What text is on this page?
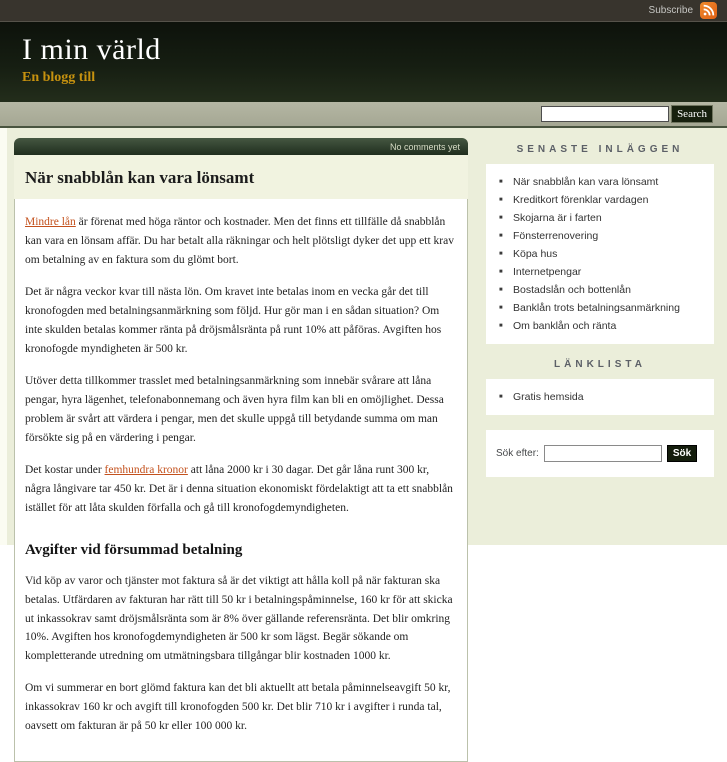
Subscribe
I min värld
En blogg till
Search
No comments yet
När snabblån kan vara lönsamt

Mindre lån är förenat med höga räntor och kostnader. Men det finns ett tillfälle då snabblån kan vara en lönsam affär. Du har betalt alla räkningar och helt plötsligt dyker det upp ett krav om betalning av en faktura som du glömt bort.

Det är några veckor kvar till nästa lön. Om kravet inte betalas inom en vecka går det till kronofogden med betalningsanmärkning som följd. Hur gör man i en sådan situation? Om inte skulden betalas kommer ränta på dröjsmålsränta på runt 10% att påföras. Avgiften hos kronofogde myndigheten är 500 kr.

Utöver detta tillkommer trasslet med betalningsanmärkning som innebär svårare att låna pengar, hyra lägenhet, telefonabonnemang och även hyra film kan bli en omöjlighet. Dessa problem är svårt att värdera i pengar, men det skulle uppgå till betydande summa om man försökte sig på en värdering i pengar.

Det kostar under femhundra kronor att låna 2000 kr i 30 dagar. Det går låna runt 300 kr, några långivare tar 450 kr. Det är i denna situation ekonomiskt fördelaktigt att ta ett snabblån istället för att låta skulden förfalla och gå till kronofogdemyndigheten.

Avgifter vid försummad betalning

Vid köp av varor och tjänster mot faktura så är det viktigt att hålla koll på när fakturan ska betalas. Utfärdaren av fakturan har rätt till 50 kr i betalningspåminnelse, 160 kr för att skicka ut inkassokrav samt dröjsmålsränta som är 8% över gällande referensränta. Det blir omkring 10%. Avgiften hos kronofogdemyndigheten är 500 kr som lägst. Begär sökande om kompletterande utredning om utmätningsbara tillgångar blir kostnaden 1000 kr.

Om vi summerar en bort glömd faktura kan det bli aktuellt att betala påminnelseavgift 50 kr, inkassokrav 160 kr och avgift till kronofogden 500 kr. Det blir 710 kr i avgifter i runda tal, oavsett om fakturan är på 50 kr eller 100 000 kr.

SENASTE INLÄGGEN
■ När snabblån kan vara lönsamt
■ Kreditkort förenklar vardagen
■ Skojarna är i farten
■ Fönsterrenovering
■ Köpa hus
■ Internetpengar
■ Bostadslån och bottenlån
■ Banklån trots betalningsanmärkning
■ Om banklån och ränta
LÄNKLISTA
■ Gratis hemsida
Sök efter:	Sök
